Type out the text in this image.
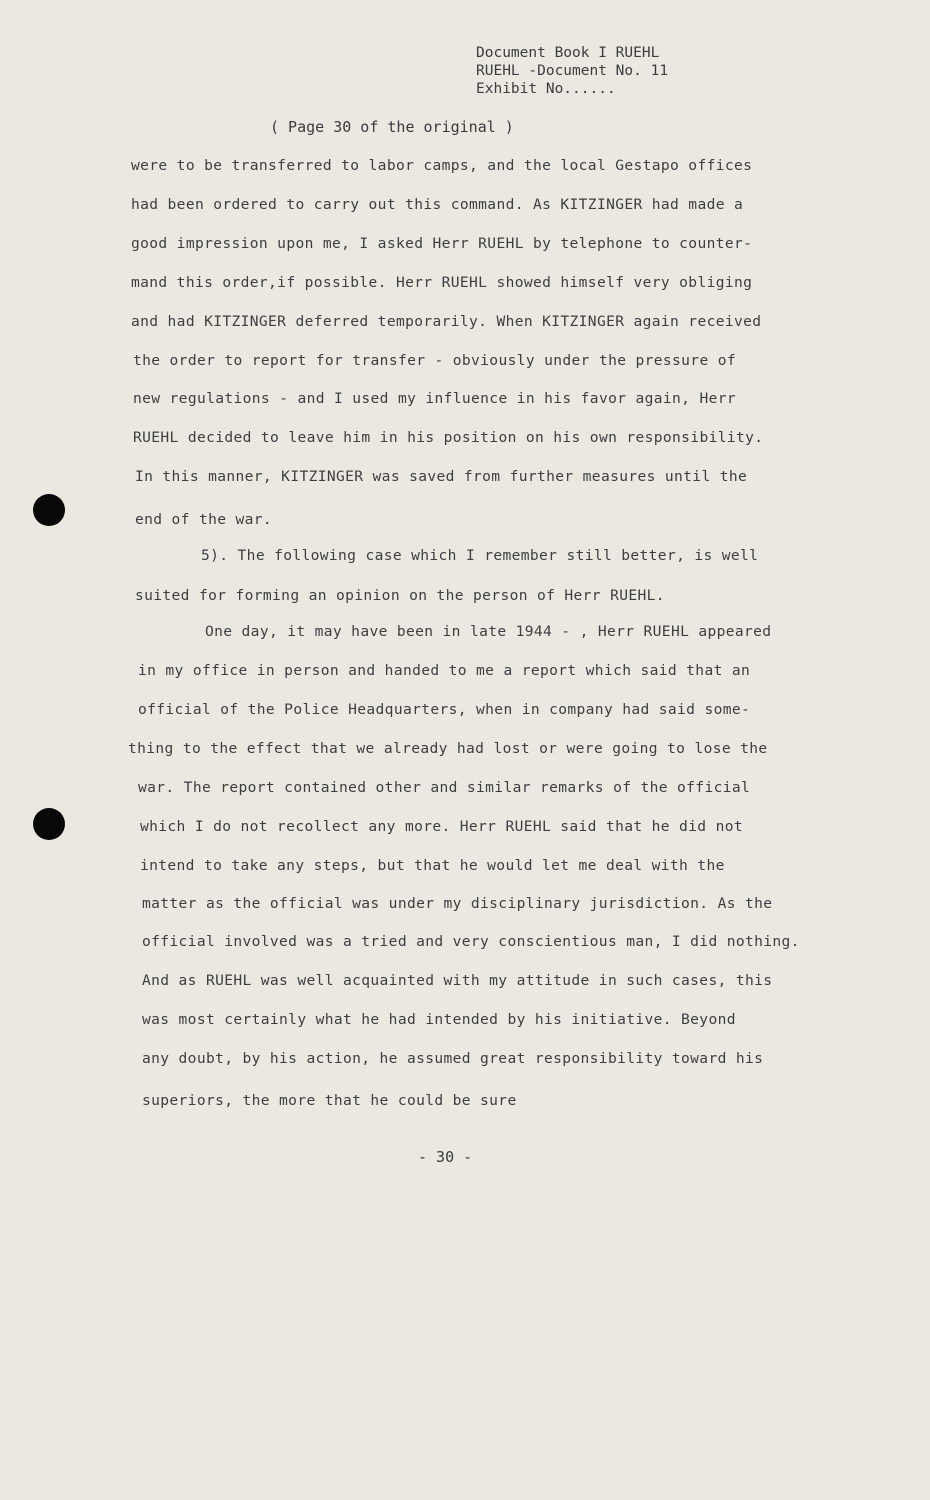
Document Book I RUEHL
RUEHL -Document No. 11
Exhibit No......
( Page 30 of the original )
were to be transferred to labor camps, and the local Gestapo offices
had been ordered to carry out this command. As KITZINGER had made a
good impression upon me, I asked Herr RUEHL by telephone to counter-
mand this order,if possible. Herr RUEHL showed himself very obliging
and had KITZINGER deferred temporarily. When KITZINGER again received
the order to report for transfer - obviously under the pressure of
new regulations - and I used my influence in his favor again, Herr
RUEHL decided to leave him in his position on his own responsibility.
In this manner, KITZINGER was saved from further measures until the
end of the war.
5). The following case which I remember still better, is well
suited for forming an opinion on the person of Herr RUEHL.
One day, it may have been in late 1944 - , Herr RUEHL appeared
in my office in person and handed to me a report which said that an
official of the Police Headquarters, when in company had said some-
thing to the effect that we already had lost or were going to lose the
war. The report contained other and similar remarks of the official
which I do not recollect any more. Herr RUEHL said that he did not
intend to take any steps, but that he would let me deal with the
matter as the official was under my disciplinary jurisdiction. As the
official involved was a tried and very conscientious man, I did nothing.
And as RUEHL was well acquainted with my attitude in such cases, this
was most certainly what he had intended by his initiative. Beyond
any doubt, by his action, he assumed great responsibility toward his
superiors, the more that he could be sure
- 30 -
